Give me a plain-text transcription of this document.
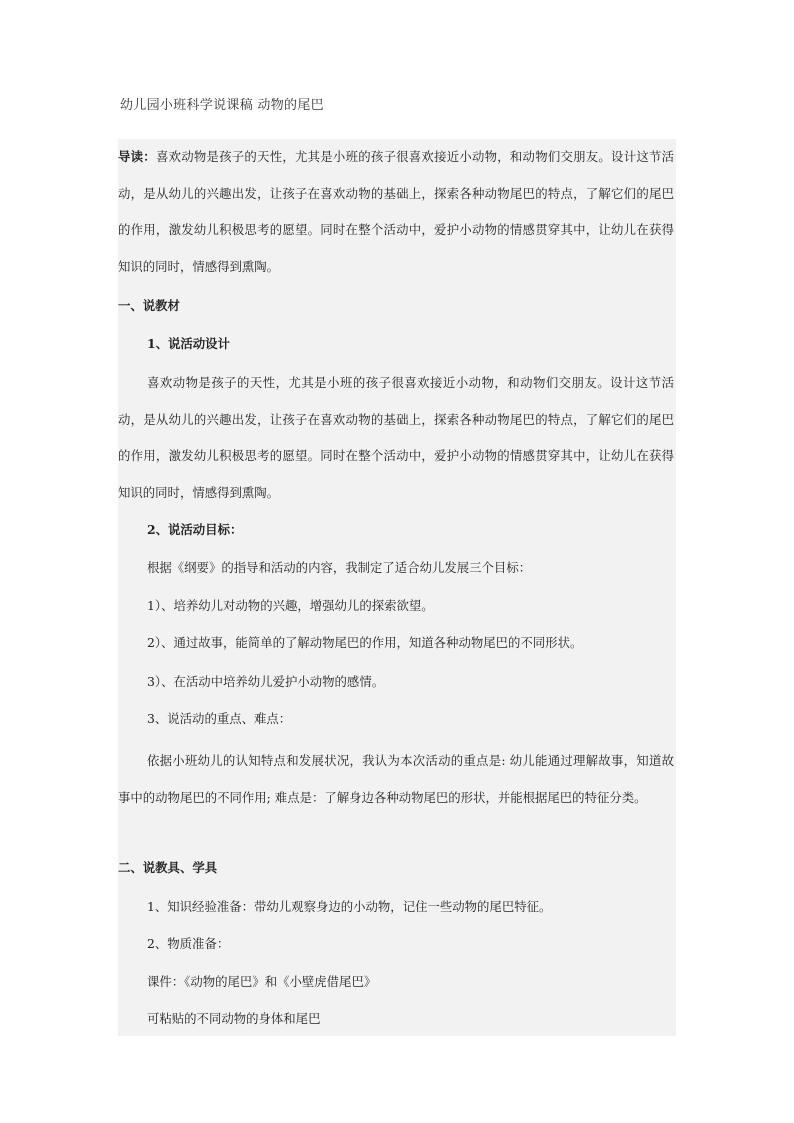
幼儿园小班科学说课稿 动物的尾巴
导读：喜欢动物是孩子的天性，尤其是小班的孩子很喜欢接近小动物，和动物们交朋友。设计这节活动，是从幼儿的兴趣出发，让孩子在喜欢动物的基础上，探索各种动物尾巴的特点，了解它们的尾巴的作用，激发幼儿积极思考的愿望。同时在整个活动中，爱护小动物的情感贯穿其中，让幼儿在获得知识的同时，情感得到熏陶。
一、说教材
1、说活动设计
喜欢动物是孩子的天性，尤其是小班的孩子很喜欢接近小动物，和动物们交朋友。设计这节活动，是从幼儿的兴趣出发，让孩子在喜欢动物的基础上，探索各种动物尾巴的特点，了解它们的尾巴的作用，激发幼儿积极思考的愿望。同时在整个活动中，爱护小动物的情感贯穿其中，让幼儿在获得知识的同时，情感得到熏陶。
2、说活动目标：
根据《纲要》的指导和活动的内容，我制定了适合幼儿发展三个目标：
1）、培养幼儿对动物的兴趣，增强幼儿的探索欲望。
2）、通过故事，能简单的了解动物尾巴的作用，知道各种动物尾巴的不同形状。
3）、在活动中培养幼儿爱护小动物的感情。
3、说活动的重点、难点：
依据小班幼儿的认知特点和发展状况，我认为本次活动的重点是: 幼儿能通过理解故事，知道故事中的动物尾巴的不同作用; 难点是：了解身边各种动物尾巴的形状，并能根据尾巴的特征分类。
二、说教具、学具
1、知识经验准备：带幼儿观察身边的小动物，记住一些动物的尾巴特征。
2、物质准备：
课件：《动物的尾巴》和《小壁虎借尾巴》
可粘贴的不同动物的身体和尾巴
